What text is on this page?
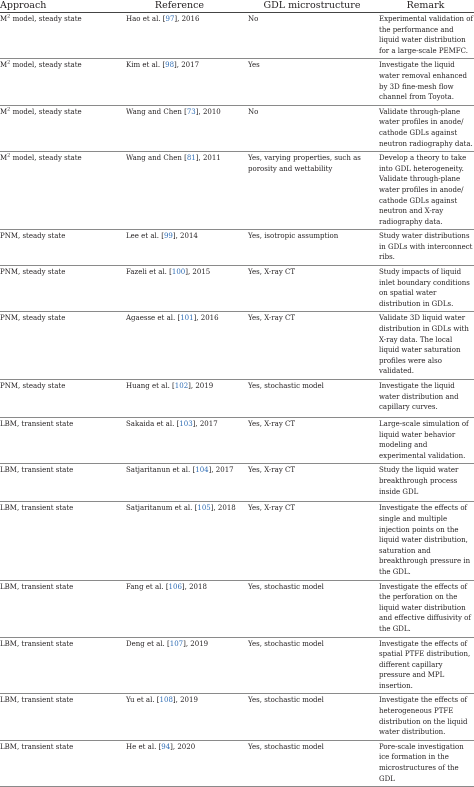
Approach	Reference	GDL microstructure	Remark
$M^2$ model, steady state	Hao et al. [97], 2016	No	Experimental validation of the performance and liquid water distribution for a large-scale PEMFC.
$M^2$ model, steady state	Kim et al. [98], 2017	Yes	Investigate the liquid water removal enhanced by 3D fine-mesh flow channel from Toyota.
$M^2$ model, steady state	Wang and Chen [73], 2010	No	Validate through-plane water profiles in anode/ cathode GDLs against neutron radiography data.
$M^2$ model, steady state	Wang and Chen [81], 2011	Yes, varying properties, such as porosity and wettability	Develop a theory to take into GDL heterogeneity. Validate through-plane water profiles in anode/ cathode GDLs against neutron and X-ray radiography data.
PNM, steady state	Lee et al. [99], 2014	Yes, isotropic assumption	Study water distributions in GDLs with interconnect ribs.
PNM, steady state	Fazeli et al. [100], 2015	Yes, X-ray CT	Study impacts of liquid inlet boundary conditions on spatial water distribution in GDLs.
PNM, steady state	Agaesse et al. [101], 2016	Yes, X-ray CT	Validate 3D liquid water distribution in GDLs with X-ray data. The local liquid water saturation profiles were also validated.
PNM, steady state	Huang et al. [102], 2019	Yes, stochastic model	Investigate the liquid water distribution and capillary curves.
LBM, transient state	Sakaida et al. [103], 2017	Yes, X-ray CT	Large-scale simulation of liquid water behavior modeling and experimental validation.
LBM, transient state	Satjaritanun et al. [104], 2017	Yes, X-ray CT	Study the liquid water breakthrough process inside GDL
LBM, transient state	Satjaritanum et al. [105], 2018	Yes, X-ray CT	Investigate the effects of single and multiple injection points on the liquid water distribution, saturation and breakthrough pressure in the GDL.
LBM, transient state	Fang et al. [106], 2018	Yes, stochastic model	Investigate the effects of the perforation on the liquid water distribution and effective diffusivity of the GDL.
LBM, transient state	Deng et al. [107], 2019	Yes, stochastic model	Investigate the effects of spatial PTFE distribution, different capillary pressure and MPL insertion.
LBM, transient state	Yu et al. [108], 2019	Yes, stochastic model	Investigate the effects of heterogeneous PTFE distribution on the liquid water distribution.
LBM, transient state	He et al. [94], 2020	Yes, stochastic model	Pore-scale investigation ice formation in the microstructures of the GDL
